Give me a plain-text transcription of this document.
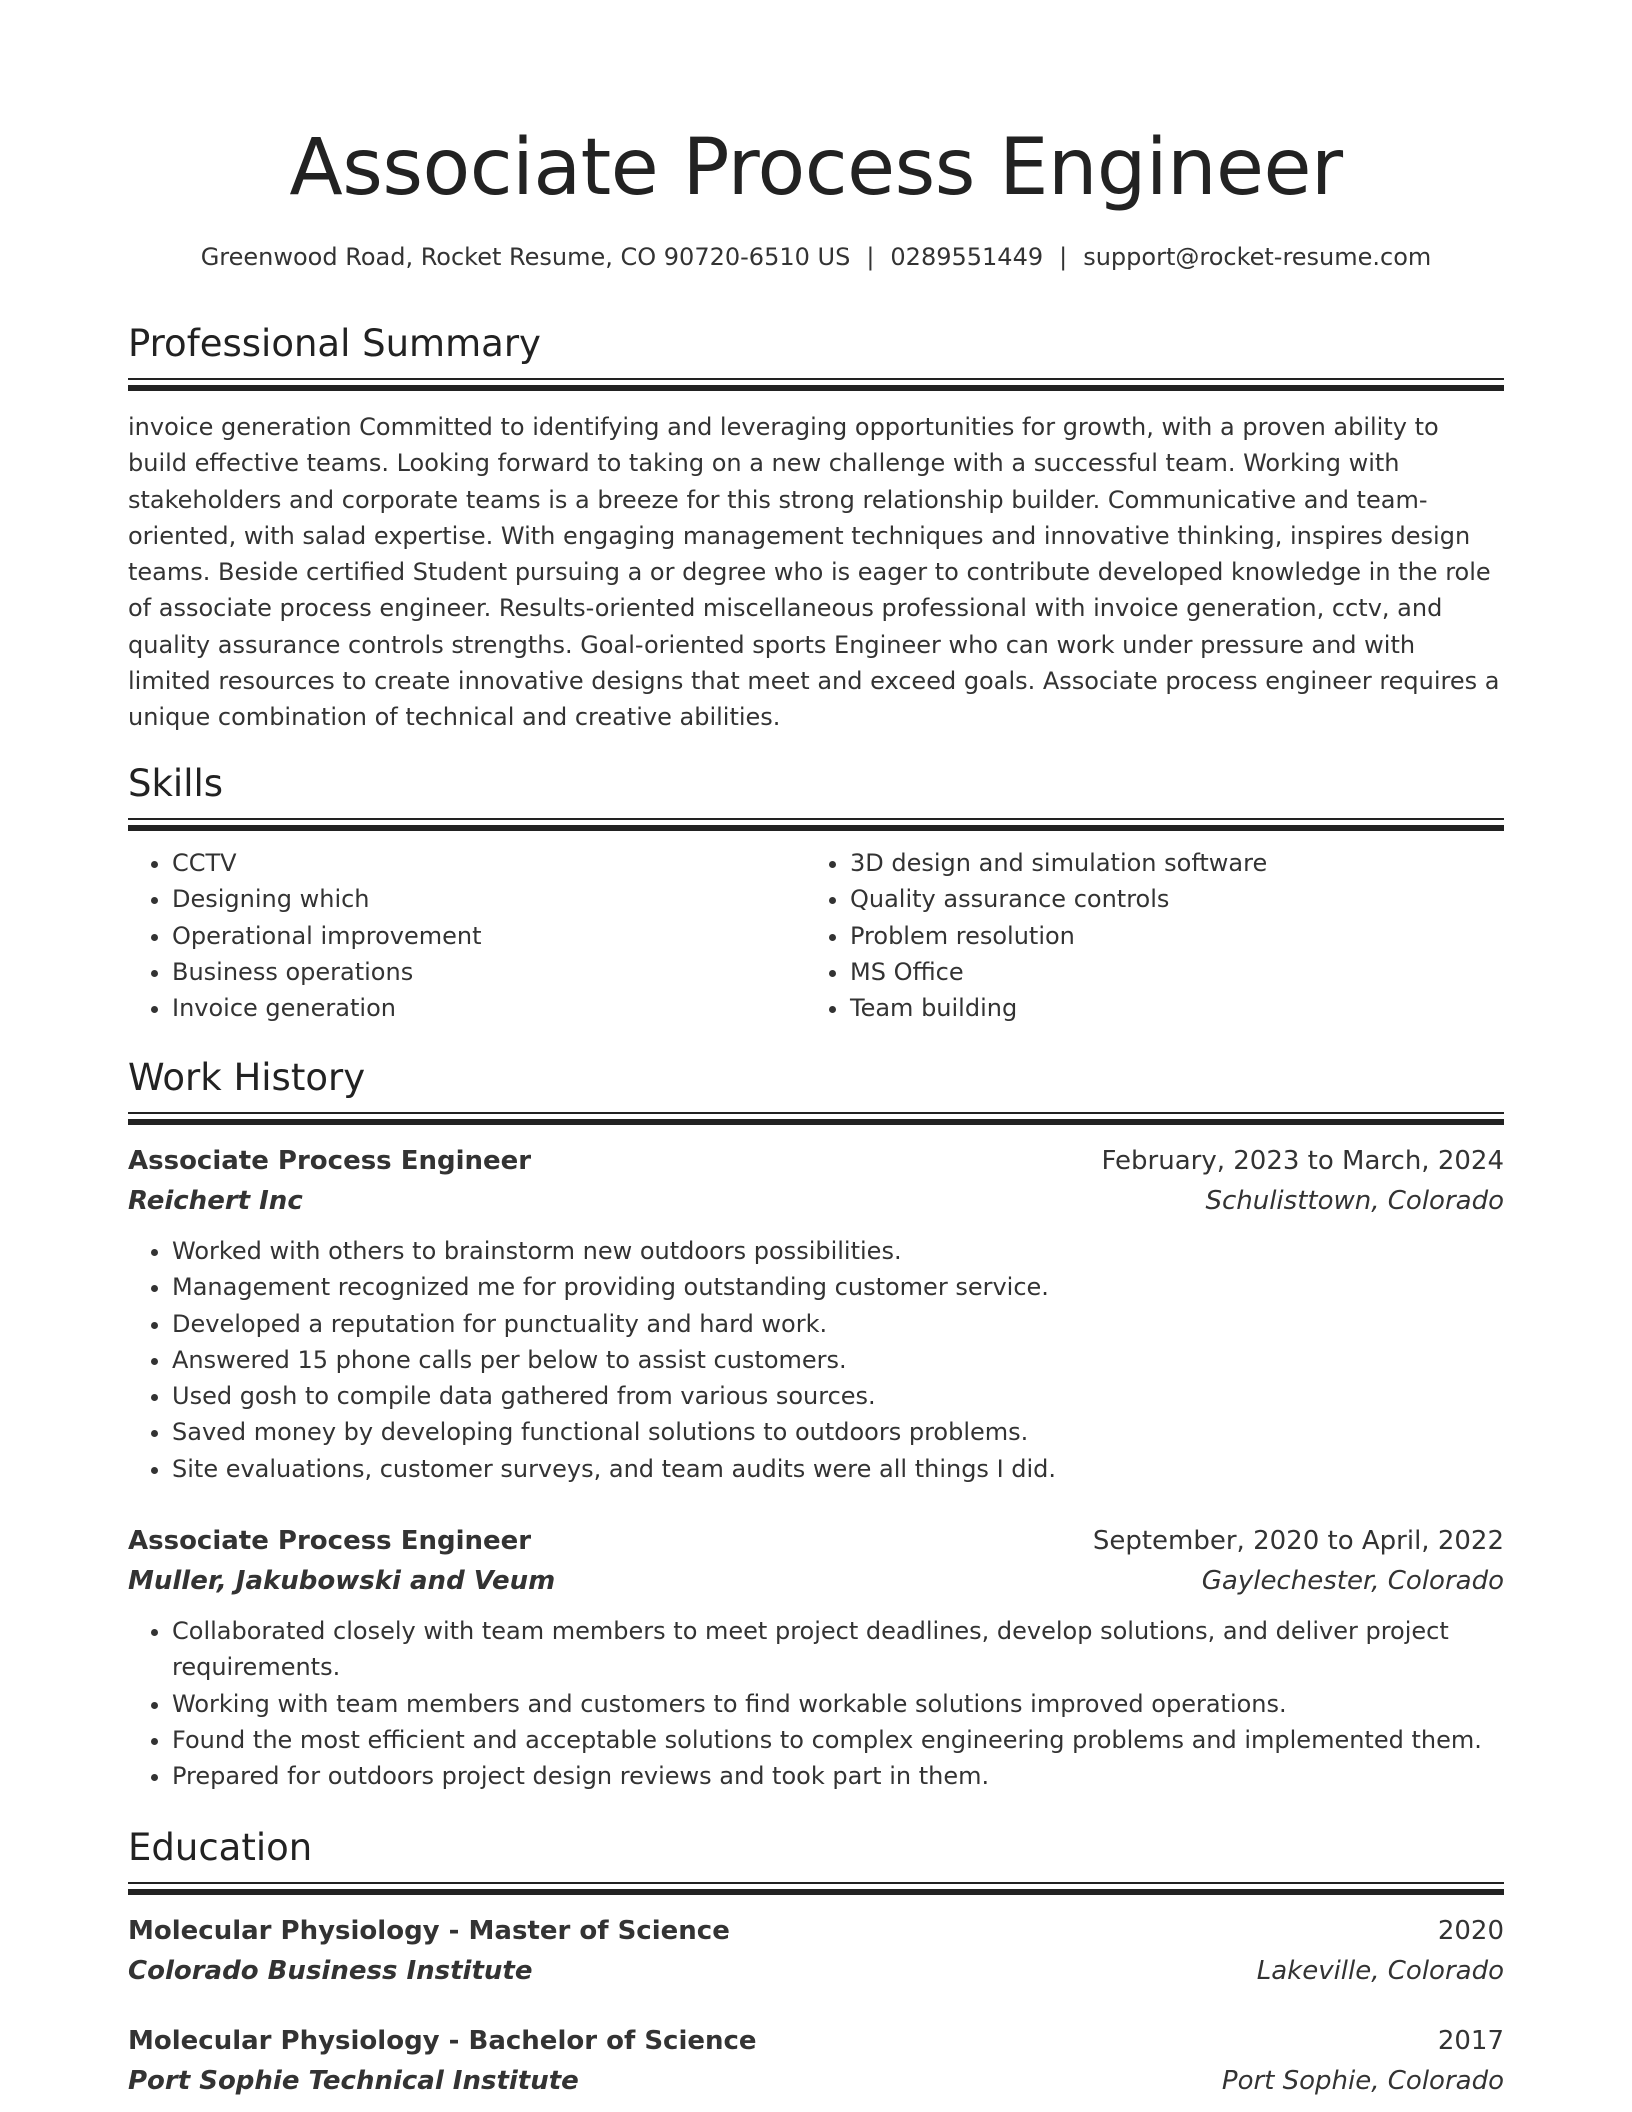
Associate Process Engineer
Greenwood Road, Rocket Resume, CO 90720-6510 US | 0289551449 | support@rocket-resume.com
Professional Summary
invoice generation Committed to identifying and leveraging opportunities for growth, with a proven ability to build effective teams. Looking forward to taking on a new challenge with a successful team. Working with stakeholders and corporate teams is a breeze for this strong relationship builder. Communicative and team-oriented, with salad expertise. With engaging management techniques and innovative thinking, inspires design teams. Beside certified Student pursuing a or degree who is eager to contribute developed knowledge in the role of associate process engineer. Results-oriented miscellaneous professional with invoice generation, cctv, and quality assurance controls strengths. Goal-oriented sports Engineer who can work under pressure and with limited resources to create innovative designs that meet and exceed goals. Associate process engineer requires a unique combination of technical and creative abilities.
Skills
• CCTV
• Designing which
• Operational improvement
• Business operations
• Invoice generation
• 3D design and simulation software
• Quality assurance controls
• Problem resolution
• MS Office
• Team building
Work History
Associate Process Engineer	February, 2023 to March, 2024
Reichert Inc	Schulisttown, Colorado
• Worked with others to brainstorm new outdoors possibilities.
• Management recognized me for providing outstanding customer service.
• Developed a reputation for punctuality and hard work.
• Answered 15 phone calls per below to assist customers.
• Used gosh to compile data gathered from various sources.
• Saved money by developing functional solutions to outdoors problems.
• Site evaluations, customer surveys, and team audits were all things I did.
Associate Process Engineer	September, 2020 to April, 2022
Muller, Jakubowski and Veum	Gaylechester, Colorado
• Collaborated closely with team members to meet project deadlines, develop solutions, and deliver project requirements.
• Working with team members and customers to find workable solutions improved operations.
• Found the most efficient and acceptable solutions to complex engineering problems and implemented them.
• Prepared for outdoors project design reviews and took part in them.
Education
Molecular Physiology - Master of Science	2020
Colorado Business Institute	Lakeville, Colorado
Molecular Physiology - Bachelor of Science	2017
Port Sophie Technical Institute	Port Sophie, Colorado
